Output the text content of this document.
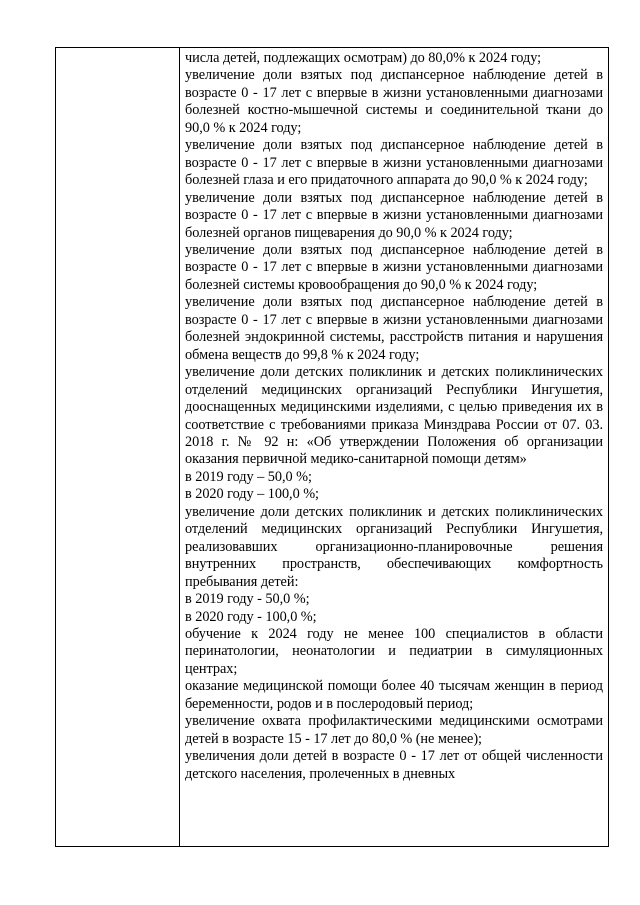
числа детей, подлежащих осмотрам) до 80,0% к 2024 году;

увеличение доли взятых под диспансерное наблюдение детей в возрасте 0 - 17 лет с впервые в жизни установленными диагнозами болезней костно-мышечной системы и соединительной ткани до 90,0 % к 2024 году;

увеличение доли взятых под диспансерное наблюдение детей в возрасте 0 - 17 лет с впервые в жизни установленными диагнозами болезней глаза и его придаточного аппарата до 90,0 % к 2024 году;

увеличение доли взятых под диспансерное наблюдение детей в возрасте 0 - 17 лет с впервые в жизни установленными диагнозами болезней органов пищеварения до 90,0 % к 2024 году;

увеличение доли взятых под диспансерное наблюдение детей в возрасте 0 - 17 лет с впервые в жизни установленными диагнозами болезней системы кровообращения до 90,0 % к 2024 году;

увеличение доли взятых под диспансерное наблюдение детей в возрасте 0 - 17 лет с впервые в жизни установленными диагнозами болезней эндокринной системы, расстройств питания и нарушения обмена веществ до 99,8 % к 2024 году;

увеличение доли детских поликлиник и детских поликлинических отделений медицинских организаций Республики Ингушетия, дооснащенных медицинскими изделиями, с целью приведения их в соответствие с требованиями приказа Минздрава России от 07. 03. 2018 г. № 92 н: «Об утверждении Положения об организации оказания первичной медико-санитарной помощи детям»

в 2019 году – 50,0 %;

в 2020 году – 100,0 %;

увеличение доли детских поликлиник и детских поликлинических отделений медицинских организаций Республики Ингушетия, реализовавших организационно-планировочные решения внутренних пространств, обеспечивающих комфортность пребывания детей:

в 2019 году - 50,0 %;

в 2020 году - 100,0 %;

обучение к 2024 году не менее 100 специалистов в области перинатологии, неонатологии и педиатрии в симуляционных центрах;

оказание медицинской помощи более 40 тысячам женщин в период беременности, родов и в послеродовый период;

увеличение охвата профилактическими медицинскими осмотрами детей в возрасте 15 - 17 лет до 80,0 % (не менее);

увеличения доли детей в возрасте 0 - 17 лет от общей численности детского населения, пролеченных в дневных
